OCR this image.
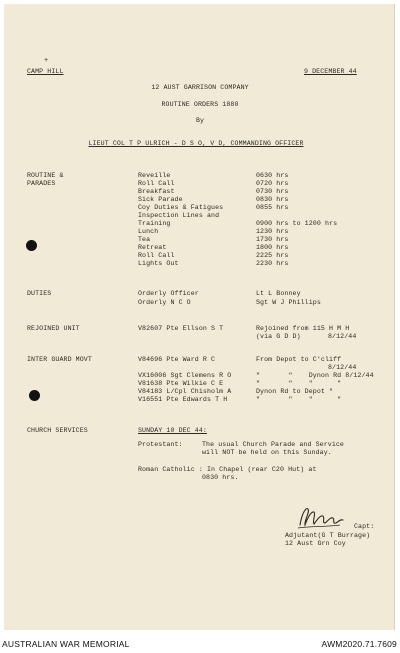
+
CAMP HILL	9 DECEMBER 44
12 AUST GARRISON COMPANY
ROUTINE ORDERS 1880
By
LIEUT COL T P ULRICH - D S O, V D, COMMANDING OFFICER
ROUTINE &
PARADES
Reveille	0630 hrs
Roll Call	0720 hrs
Breakfast	0730 hrs
Sick Parade	0830 hrs
Coy Duties & Fatigues	0855 hrs
Inspection Lines and
Training	0900 hrs to 1200 hrs
Lunch	1230 hrs
Tea	1730 hrs
Retreat	1800 hrs
Roll Call	2225 hrs
Lights Out	2230 hrs
DUTIES	Orderly Officer	Lt L Bonney
Orderly N C O	Sgt W J Phillips
REJOINED UNIT	V82607 Pte Ellson S T	Rejoined from 115 H M H
(via G D D)	8/12/44
INTER GUARD MOVT	V84696 Pte Ward R C	From Depot to C'cliff
8/12/44
VX16006 Sgt Clemens R O	"       "    Dynon Rd 8/12/44
V81638 Pte Wilkie C E	"       "    "      "
V84183 L/Cpl Chisholm A	Dynon Rd to Depot "
V16551 Pte Edwards T H	"       "    "      "
CHURCH SERVICES	SUNDAY 10 DEC 44:
Protestant:	The usual Church Parade and Service
will NOT be held on this Sunday.
Roman Catholic : In Chapel (rear C20 Hut) at
0830 hrs.
Capt:
Adjutant(G T Burrage)
12 Aust Grn Coy
AUSTRALIAN WAR MEMORIAL	AWM2020.71.7609
